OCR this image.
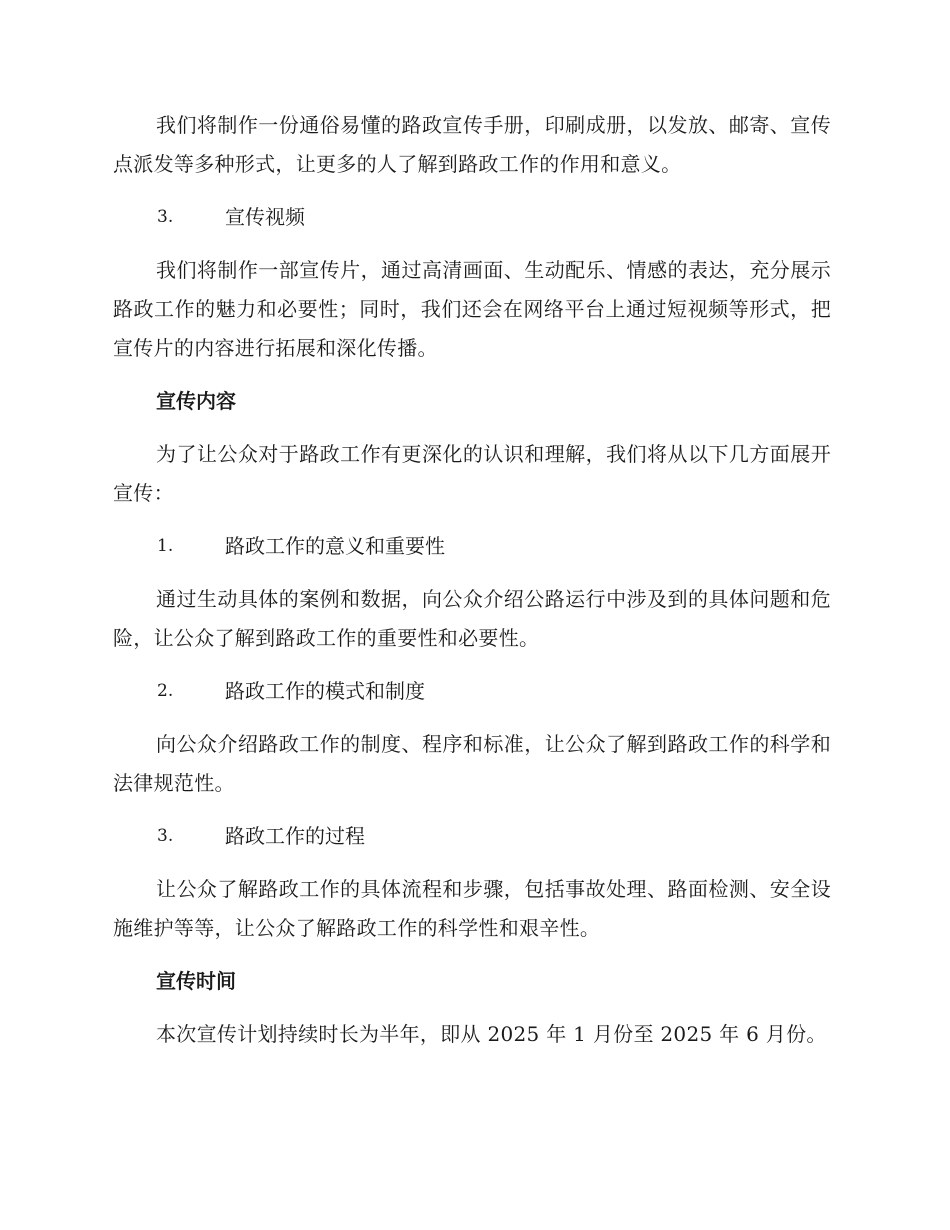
我们将制作一份通俗易懂的路政宣传手册，印刷成册，以发放、邮寄、宣传点派发等多种形式，让更多的人了解到路政工作的作用和意义。

3.	宣传视频

我们将制作一部宣传片，通过高清画面、生动配乐、情感的表达，充分展示路政工作的魅力和必要性；同时，我们还会在网络平台上通过短视频等形式，把宣传片的内容进行拓展和深化传播。

宣传内容

为了让公众对于路政工作有更深化的认识和理解，我们将从以下几方面展开宣传：

1.	路政工作的意义和重要性

通过生动具体的案例和数据，向公众介绍公路运行中涉及到的具体问题和危险，让公众了解到路政工作的重要性和必要性。

2.	路政工作的模式和制度

向公众介绍路政工作的制度、程序和标准，让公众了解到路政工作的科学和法律规范性。

3.	路政工作的过程

让公众了解路政工作的具体流程和步骤，包括事故处理、路面检测、安全设施维护等等，让公众了解路政工作的科学性和艰辛性。

宣传时间

本次宣传计划持续时长为半年，即从 2025 年 1 月份至 2025 年 6 月份。
